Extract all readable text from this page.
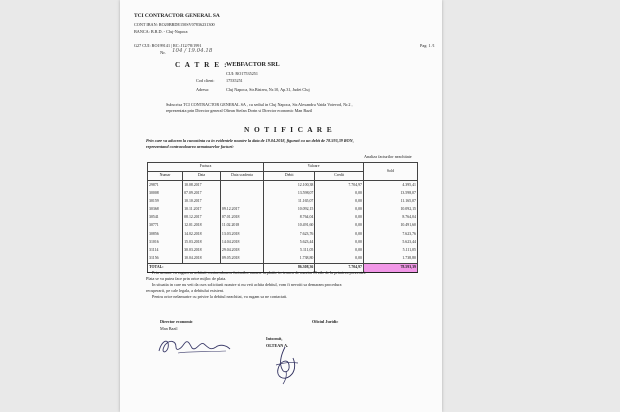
TCI CONTRACTOR GENERAL SA
CONT IBAN: RO20BRDE150SV07836231300
BANCA: B.R.D. - Cluj-Napoca
G27 CUI: RO199141 | RC: J12/78/1991	Pag: 1 /1
Nr. 104 / 19.04.18
C A T R E :
WEBFACTOR SRL
CUI: RO17535251
Cod client:	17535251
Adresa:	Cluj Napoca, Str.Bistrea, Nr.10, Ap.31, Judet Cluj
Subscrisa TCI CONTRACTOR GENERAL SA , cu sediul in Cluj Napoca, Str.Alexandru Vaida Voievod, Nr.2 ,
reprezentata prin Director general Oltean Stefan Dorin si Director economic Man Bazil
N O T I F I C A R E
Prin care va aducem la cunostinta ca in evidentele noastre la data de 19.04.2018, figurati cu un debit de 78.593,39 RON,
reprezentand contravaloarea urmatoarelor facturi:
Analiza facturilor neachitate
Factura			Valoare		Sold
Numar	Data	Data scadenta	Debit	Credit	
29871	10.08.2017		12.100,38	7.704,97	4.395,41
30008	07.09.2017		13.598,07	0,00	13.598,07
30159	10.10.2017		11.165,07	0,00	11.165,07
30368	10.11.2017	09.12.2017	10.092,15	0,00	10.092,15
30541	08.12.2017	07.01.2018	8.764,04	0,00	8.764,04
30771	12.01.2018	11.02.2018	10.491,60	0,00	10.491,60
30856	14.02.2018	13.03.2018	7.623,76	0,00	7.623,76
31016	15.03.2018	14.04.2018	5.623,44	0,00	5.623,44
31114	30.03.2018	29.04.2018	5.111,05	0,00	5.111,05
31156	10.04.2018	09.05.2018	1.738,80	0,00	1.738,80
TOTAL:			86.308,36	7.704,97	78.593,39
Prin urmare va rugam sa achitati contravaloarea facturilor ramase neplatite in termen de maxim 15 zile de la primirea prezentei.
Plata se va putea face prin orice mijloc de plata.
In situatia in care nu veti da curs solicitarii noastre si nu veti achita debitul, vom fi nevoiti sa demaram procedura
recuperarii, pe cale legala, a debitului existent.
Pentru orice nelamurire cu privire la debitul neachitat, va rugam sa ne contactati.
Director economic
Man Bazil
Oficiul Juridic
Intocmit,
OLTEAN A.
